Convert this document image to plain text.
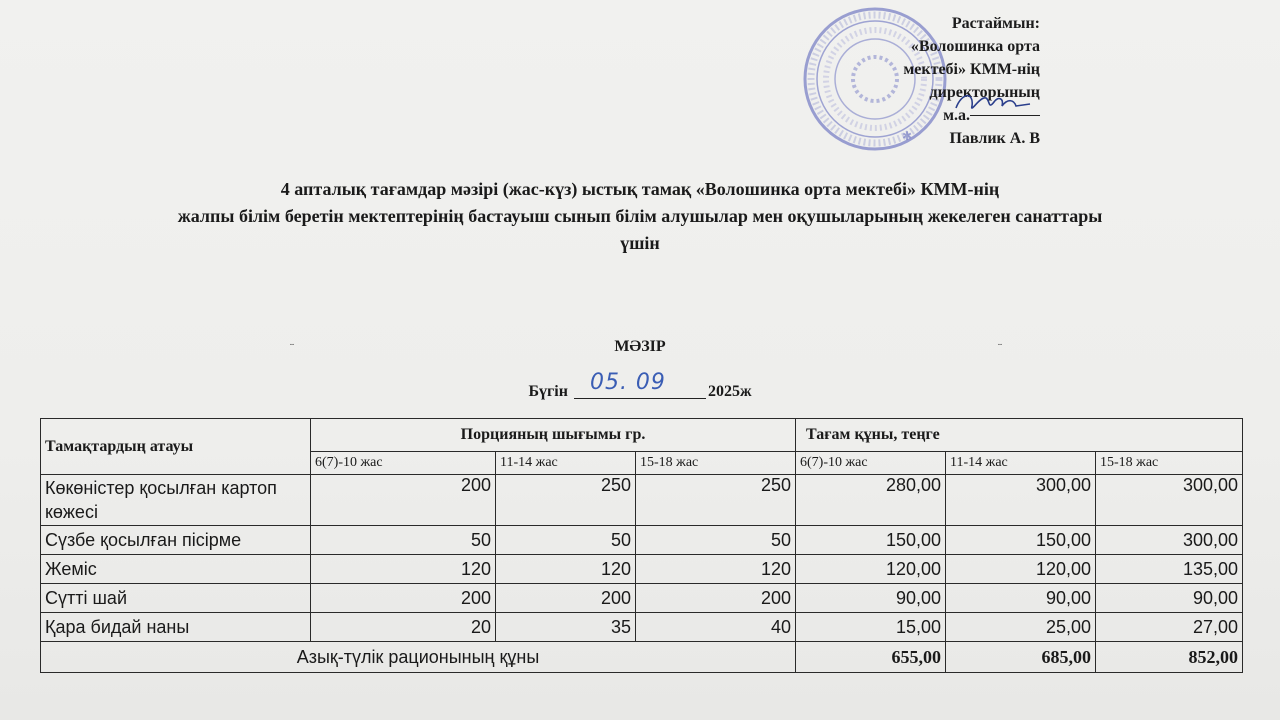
✱
Растаймын:
«Волошинка орта
мектебі» КММ-нің
директорының
м.а.
Павлик А. В
4 апталық тағамдар мәзірі (жас-күз) ыстық тамақ «Волошинка орта мектебі» КММ-нің
жалпы білім беретін мектептерінің бастауыш сынып білім алушылар мен оқушыларының жекелеген санаттары
үшін
¨	¨
МӘЗІР
Бүгін 05. 09	2025ж
Тамақтардың атауы	Порцияның шығымы гр.			Тағам құны, теңге		
	6(7)-10 жас	11-14 жас	15-18 жас	6(7)-10 жас	11-14 жас	15-18 жас
Көкөністер қосылған картоп көжесі	200	250	250	280,00	300,00	300,00
Сүзбе қосылған пісірме	50	50	50	150,00	150,00	300,00
Жеміс	120	120	120	120,00	120,00	135,00
Сүтті шай	200	200	200	90,00	90,00	90,00
Қара бидай наны	20	35	40	15,00	25,00	27,00
Азық-түлік рационының құны				655,00	685,00	852,00
